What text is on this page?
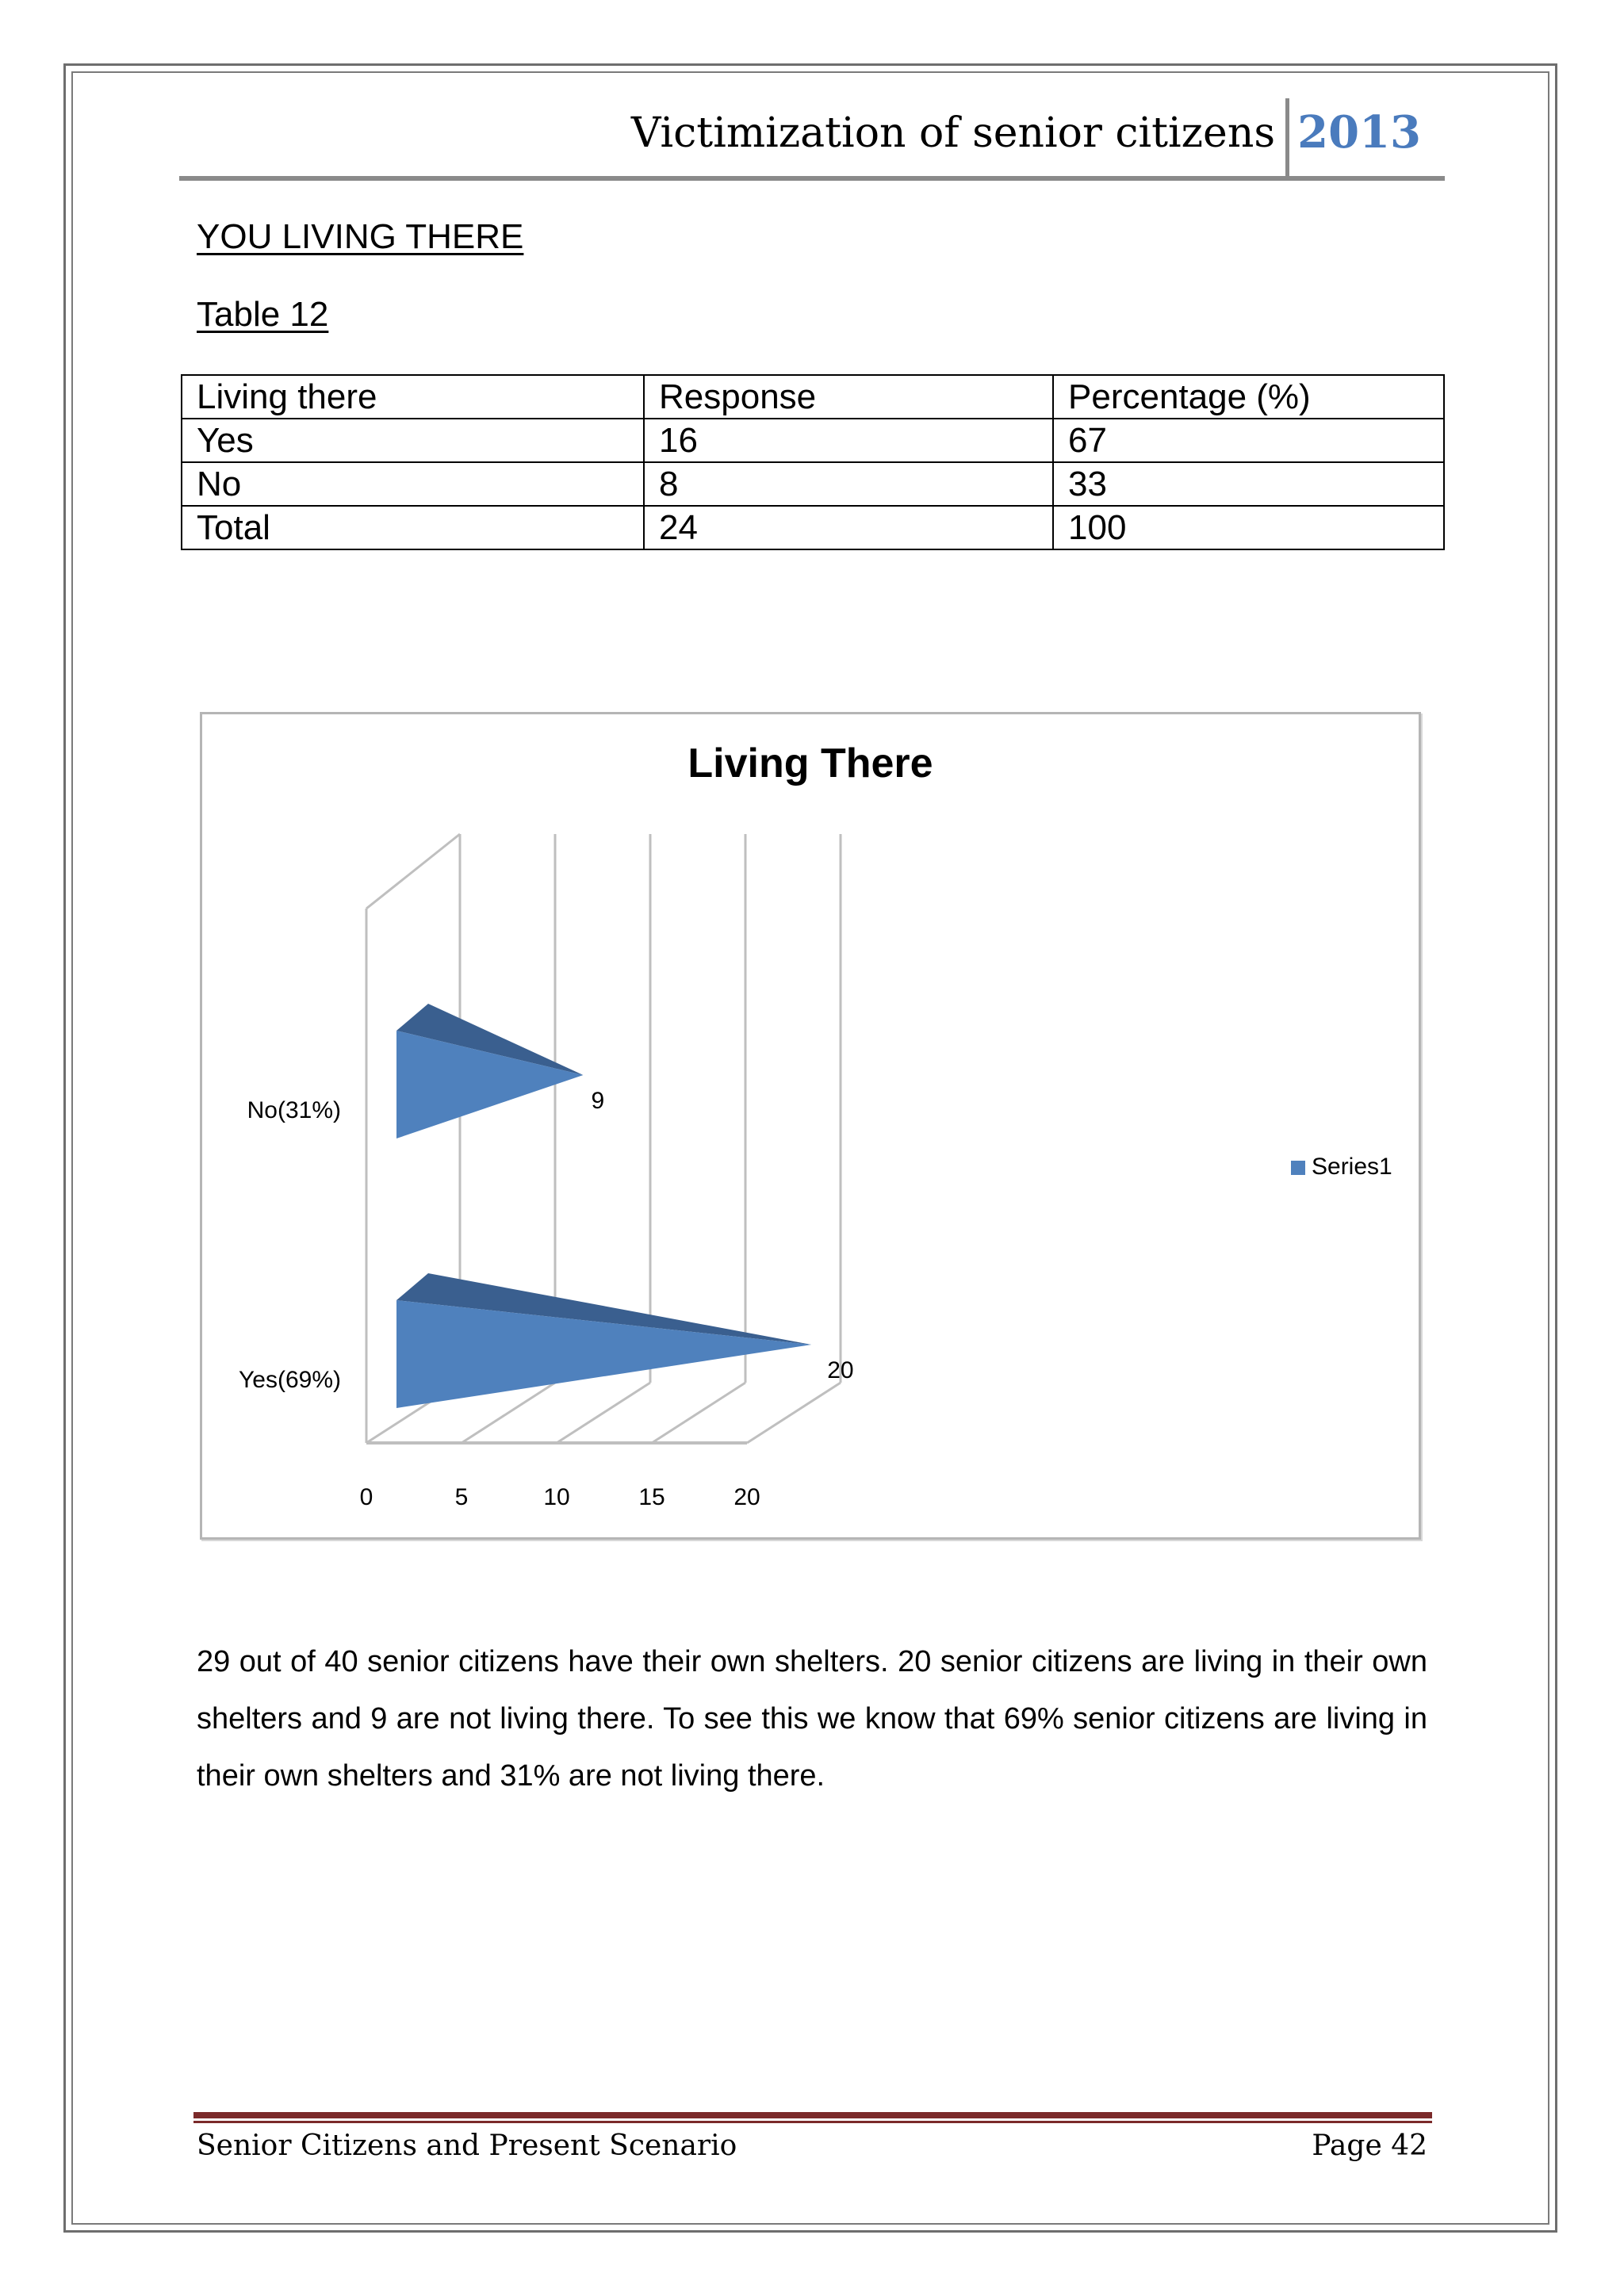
Victimization of senior citizens 2013
YOU LIVING THERE
Table 12
Living there	Response	Percentage (%)
Yes	16	67
No	8	33
Total	24	100
Living There
0	5	10	15	20
20
Yes(69%)
9
No(31%)
Series1
29 out of 40 senior citizens have their own shelters. 20 senior citizens are living in their own shelters and 9 are not living there. To see this we know that 69% senior citizens are living in their own shelters and 31% are not living there.
Senior Citizens and Present Scenario	Page 42
